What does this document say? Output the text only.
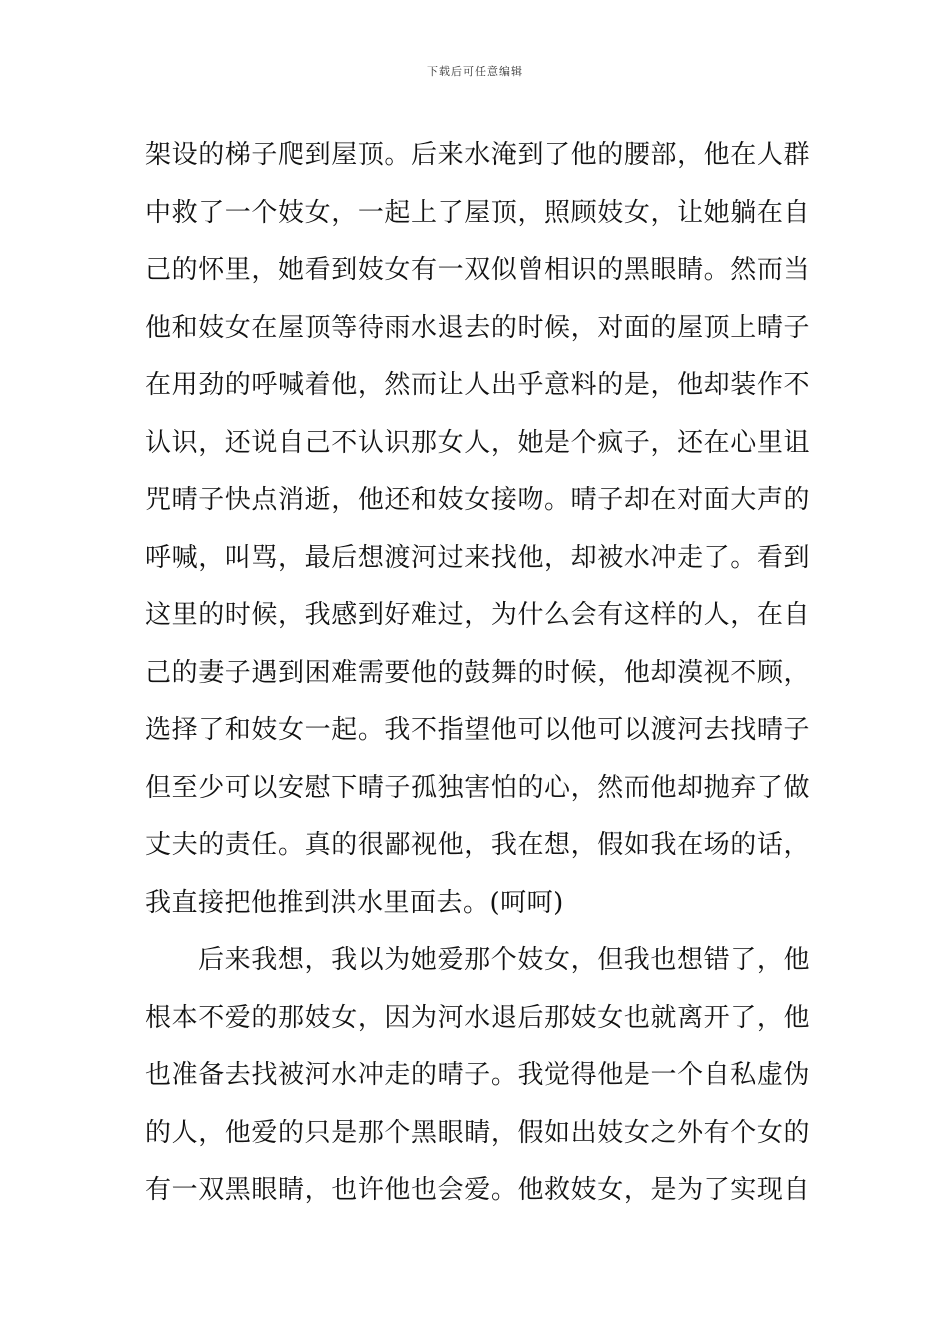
下载后可任意编辑
架设的梯子爬到屋顶。后来水淹到了他的腰部，他在人群
中救了一个妓女，一起上了屋顶，照顾妓女，让她躺在自
己的怀里，她看到妓女有一双似曾相识的黑眼睛。然而当
他和妓女在屋顶等待雨水退去的时候，对面的屋顶上晴子
在用劲的呼喊着他，然而让人出乎意料的是，他却装作不
认识，还说自己不认识那女人，她是个疯子，还在心里诅
咒晴子快点消逝，他还和妓女接吻。晴子却在对面大声的
呼喊，叫骂，最后想渡河过来找他，却被水冲走了。看到
这里的时候，我感到好难过，为什么会有这样的人，在自
己的妻子遇到困难需要他的鼓舞的时候，他却漠视不顾，
选择了和妓女一起。我不指望他可以他可以渡河去找晴子
但至少可以安慰下晴子孤独害怕的心，然而他却抛弃了做
丈夫的责任。真的很鄙视他，我在想，假如我在场的话，
我直接把他推到洪水里面去。(呵呵)
后来我想，我以为她爱那个妓女，但我也想错了，他
根本不爱的那妓女，因为河水退后那妓女也就离开了，他
也准备去找被河水冲走的晴子。我觉得他是一个自私虚伪
的人，他爱的只是那个黑眼睛，假如出妓女之外有个女的
有一双黑眼睛，也许他也会爱。他救妓女，是为了实现自
